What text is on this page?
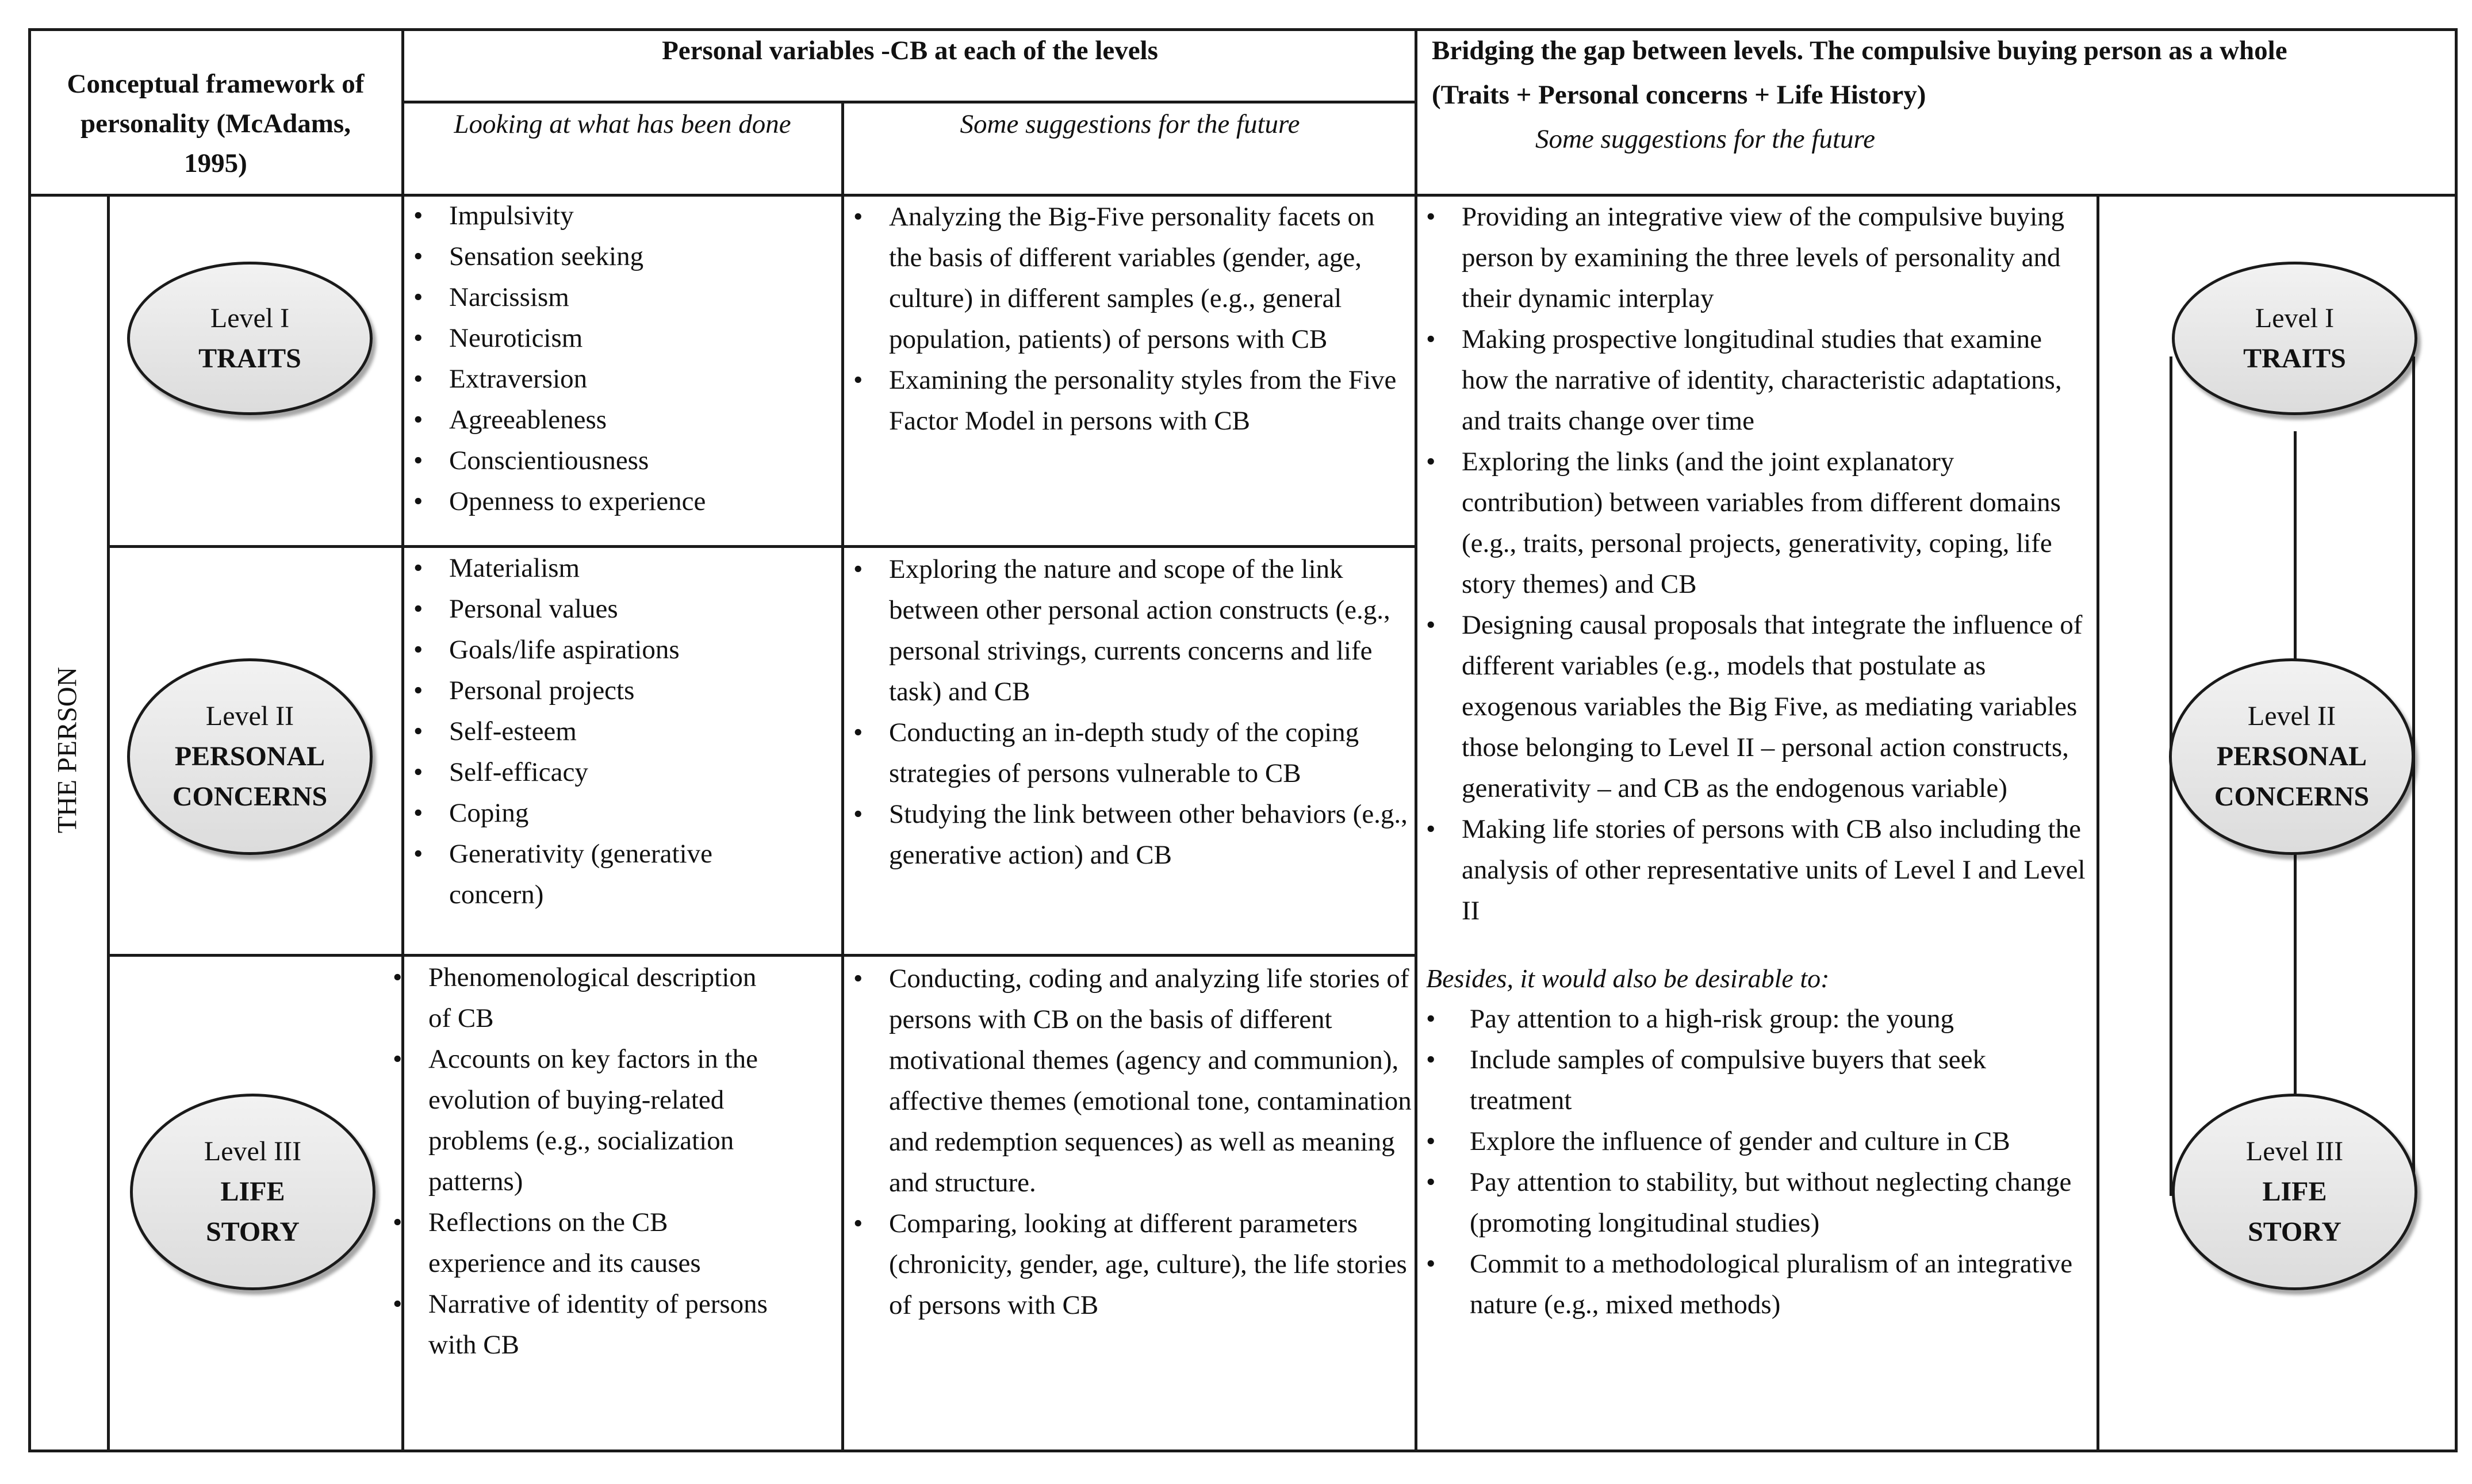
Conceptual framework of
personality (McAdams,
1995)
Personal variables -CB at each of the levels
Looking at what has been done	Some suggestions for the future
Bridging the gap between levels. The compulsive buying person as a whole
(Traits + Personal concerns + Life History)
Some suggestions for the future
THE PERSON
Level I
TRAITS
Level II
PERSONAL
CONCERNS
Level III
LIFE
STORY
• Impulsivity
• Sensation seeking
• Narcissism
• Neuroticism
• Extraversion
• Agreeableness
• Conscientiousness
• Openness to experience
• Materialism
• Personal values
• Goals/life aspirations
• Personal projects
• Self-esteem
• Self-efficacy
• Coping
• Generativity (generative concern)
• Phenomenological description of CB
• Accounts on key factors in the evolution of buying-related problems (e.g., socialization patterns)
• Reflections on the CB experience and its causes
• Narrative of identity of persons with CB
• Analyzing the Big-Five personality facets on the basis of different variables (gender, age, culture) in different samples (e.g., general population, patients) of persons with CB
• Examining the personality styles from the Five Factor Model in persons with CB
• Exploring the nature and scope of the link between other personal action constructs (e.g., personal strivings, currents concerns and life task) and CB
• Conducting an in-depth study of the coping strategies of persons vulnerable to CB
• Studying the link between other behaviors (e.g., generative action) and CB
• Conducting, coding and analyzing life stories of persons with CB on the basis of different motivational themes (agency and communion), affective themes (emotional tone, contamination and redemption sequences) as well as meaning and structure.
• Comparing, looking at different parameters (chronicity, gender, age, culture), the life stories of persons with CB
• Providing an integrative view of the compulsive buying person by examining the three levels of personality and their dynamic interplay
• Making prospective longitudinal studies that examine how the narrative of identity, characteristic adaptations, and traits change over time
• Exploring the links (and the joint explanatory contribution) between variables from different domains (e.g., traits, personal projects, generativity, coping, life story themes) and CB
• Designing causal proposals that integrate the influence of different variables (e.g., models that postulate as exogenous variables the Big Five, as mediating variables those belonging to Level II – personal action constructs, generativity – and CB as the endogenous variable)
• Making life stories of persons with CB also including the analysis of other representative units of Level I and Level II
Besides, it would also be desirable to:
• Pay attention to a high-risk group: the young
• Include samples of compulsive buyers that seek treatment
• Explore the influence of gender and culture in CB
• Pay attention to stability, but without neglecting change (promoting longitudinal studies)
• Commit to a methodological pluralism of an integrative nature (e.g., mixed methods)
Level I
TRAITS
Level II
PERSONAL
CONCERNS
Level III
LIFE
STORY
